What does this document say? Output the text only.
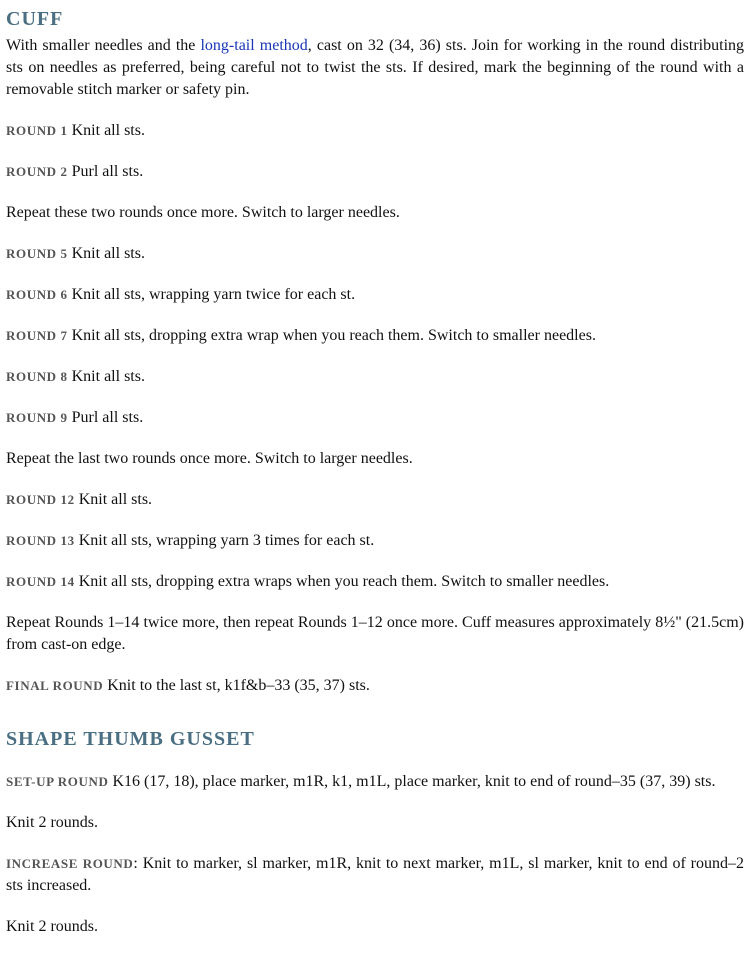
CUFF

With smaller needles and the long-tail method, cast on 32 (34, 36) sts. Join for working in the round distributing sts on needles as preferred, being careful not to twist the sts. If desired, mark the beginning of the round with a removable stitch marker or safety pin.

ROUND 1 Knit all sts.

ROUND 2 Purl all sts.

Repeat these two rounds once more. Switch to larger needles.

ROUND 5 Knit all sts.

ROUND 6 Knit all sts, wrapping yarn twice for each st.

ROUND 7 Knit all sts, dropping extra wrap when you reach them. Switch to smaller needles.

ROUND 8 Knit all sts.

ROUND 9 Purl all sts.

Repeat the last two rounds once more. Switch to larger needles.

ROUND 12 Knit all sts.

ROUND 13 Knit all sts, wrapping yarn 3 times for each st.

ROUND 14 Knit all sts, dropping extra wraps when you reach them. Switch to smaller needles.

Repeat Rounds 1–14 twice more, then repeat Rounds 1–12 once more. Cuff measures approximately 8½" (21.5cm) from cast-on edge.

FINAL ROUND Knit to the last st, k1f&b–33 (35, 37) sts.

SHAPE THUMB GUSSET

SET-UP ROUND K16 (17, 18), place marker, m1R, k1, m1L, place marker, knit to end of round–35 (37, 39) sts.

Knit 2 rounds.

INCREASE ROUND: Knit to marker, sl marker, m1R, knit to next marker, m1L, sl marker, knit to end of round–2 sts increased.

Knit 2 rounds.
